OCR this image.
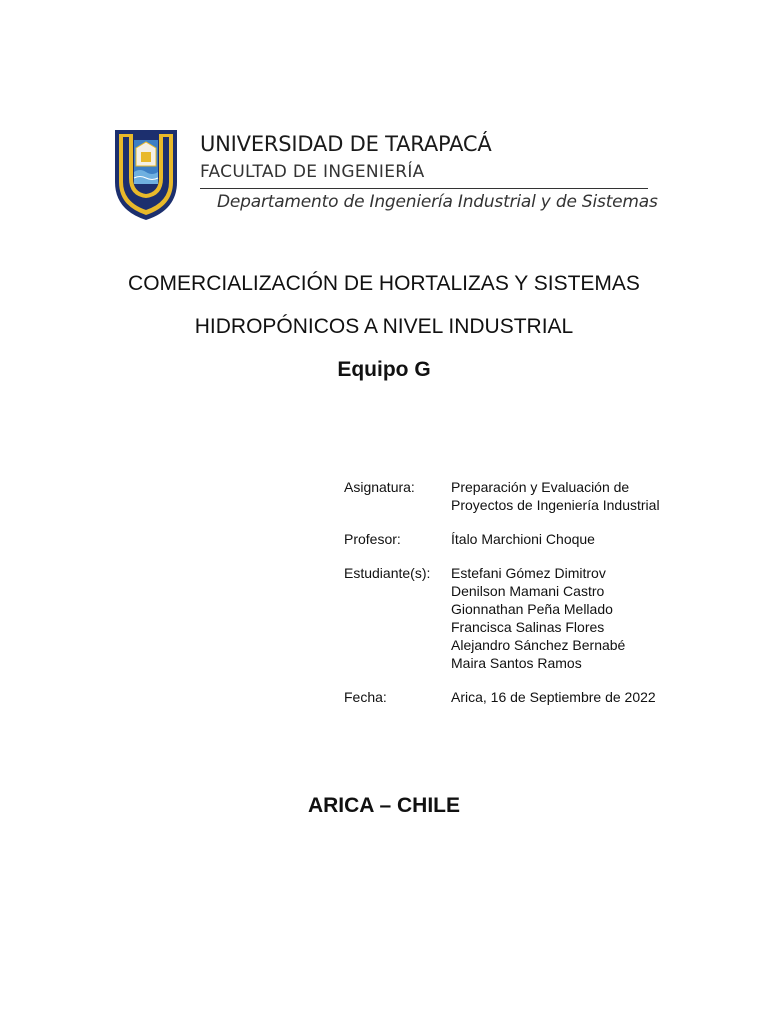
UNIVERSIDAD DE TARAPACÁ
FACULTAD DE INGENIERÍA
Departamento de Ingeniería Industrial y de Sistemas
COMERCIALIZACIÓN DE HORTALIZAS Y SISTEMAS
HIDROPÓNICOS A NIVEL INDUSTRIAL
Equipo G
Asignatura:	Preparación y Evaluación de
Proyectos de Ingeniería Industrial
Profesor:	Ítalo Marchioni Choque
Estudiante(s):	Estefani Gómez Dimitrov
Denilson Mamani Castro
Gionnathan Peña Mellado
Francisca Salinas Flores
Alejandro Sánchez Bernabé
Maira Santos Ramos
Fecha:	Arica, 16 de Septiembre de 2022
ARICA – CHILE
